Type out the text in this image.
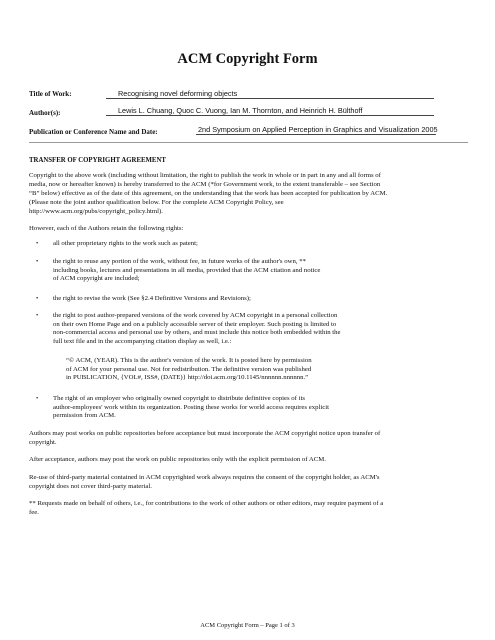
ACM Copyright Form
Title of Work:	Recognising novel deforming objects
Author(s):	Lewis L. Chuang, Quoc C. Vuong, Ian M. Thornton, and Heinrich H. Bülthoff
Publication or Conference Name and Date:	2nd Symposium on Applied Perception in Graphics and Visualization 2005
TRANSFER OF COPYRIGHT AGREEMENT
Copyright to the above work (including without limitation, the right to publish the work in whole or in part in any and all forms of
media, now or hereafter known) is hereby transferred to the ACM (*for Government work, to the extent transferable – see Section
“B” below) effective as of the date of this agreement, on the understanding that the work has been accepted for publication by ACM.
(Please note the joint author qualification below. For the complete ACM Copyright Policy, see
http://www.acm.org/pubs/copyright_policy.html).
However, each of the Authors retain the following rights:
• all other proprietary rights to the work such as patent;
• the right to reuse any portion of the work, without fee, in future works of the author's own, **
including books, lectures and presentations in all media, provided that the ACM citation and notice
of ACM copyright are included;
• the right to revise the work (See §2.4 Definitive Versions and Revisions);
• the right to post author-prepared versions of the work covered by ACM copyright in a personal collection
on their own Home Page and on a publicly accessible server of their employer. Such posting is limited to
non-commercial access and personal use by others, and must include this notice both embedded within the
full text file and in the accompanying citation display as well, i.e.:
“© ACM, (YEAR). This is the author's version of the work. It is posted here by permission
of ACM for your personal use. Not for redistribution. The definitive version was published
in PUBLICATION, {VOL#, ISS#, (DATE)} http://doi.acm.org/10.1145/nnnnnn.nnnnnn.”
• The right of an employer who originally owned copyright to distribute definitive copies of its
author-employees' work within its organization. Posting these works for world access requires explicit
permission from ACM.
Authors may post works on public repositories before acceptance but must incorporate the ACM copyright notice upon transfer of
copyright.
After acceptance, authors may post the work on public repositories only with the explicit permission of ACM.
Re-use of third-party material contained in ACM copyrighted work always requires the consent of the copyright holder, as ACM's
copyright does not cover third-party material.
** Requests made on behalf of others, i.e., for contributions to the work of other authors or other editors, may require payment of a
fee.
ACM Copyright Form – Page 1 of 3
